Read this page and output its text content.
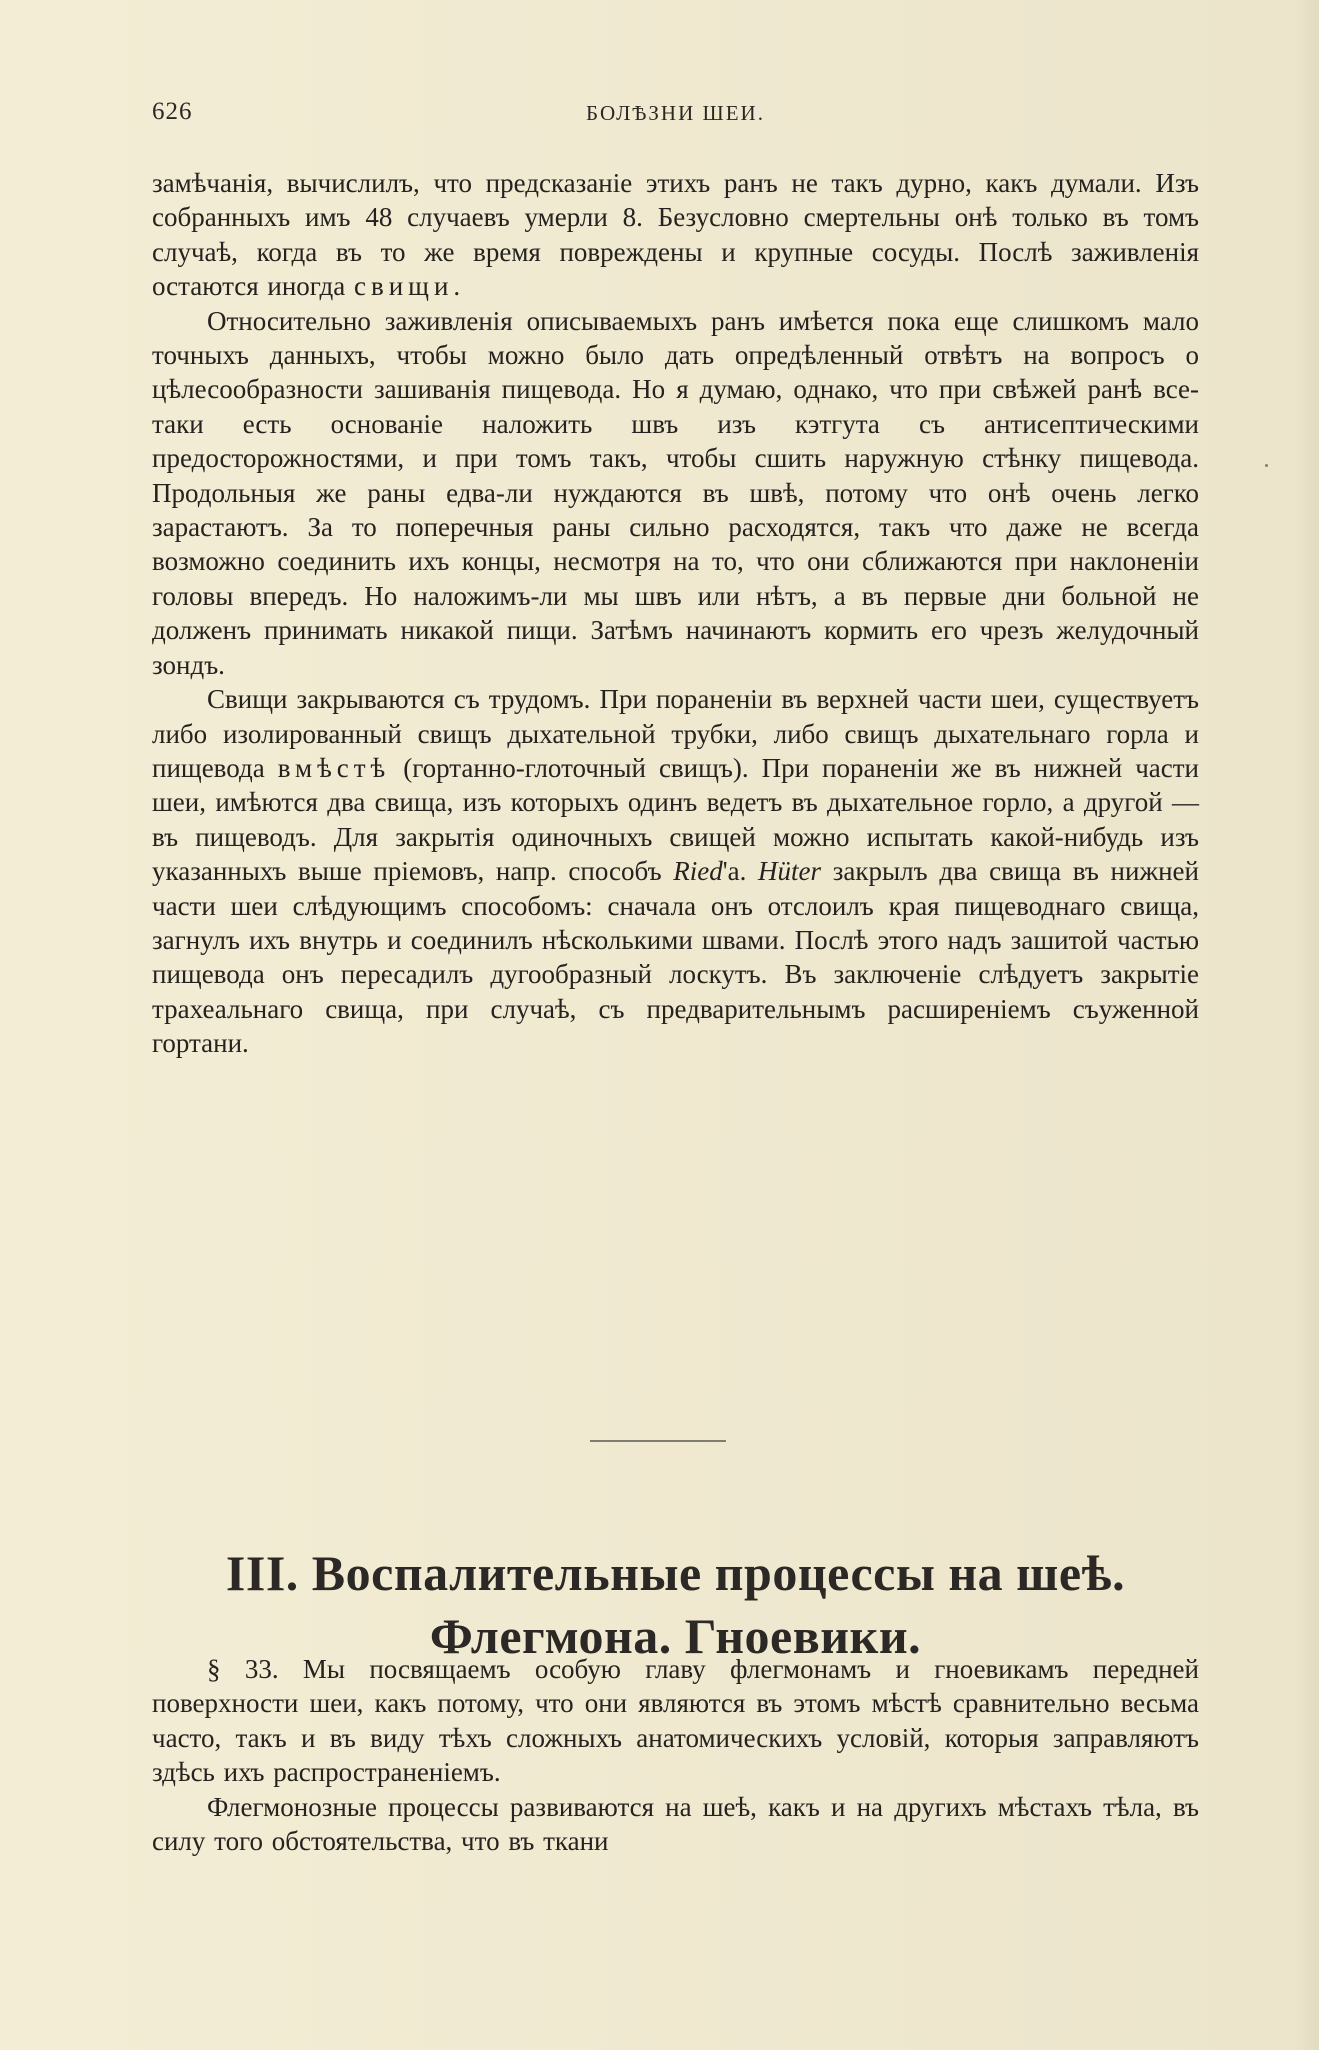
626	БОЛѢЗНИ ШЕИ.

замѣчанія, вычислилъ, что предсказаніе этихъ ранъ не такъ дурно, какъ думали. Изъ собранныхъ имъ 48 случаевъ умерли 8. Безусловно смертельны онѣ только въ томъ случаѣ, когда въ то же время повреждены и крупные сосуды. Послѣ заживленія остаются иногда свищи.

Относительно заживленія описываемыхъ ранъ имѣется пока еще слишкомъ мало точныхъ данныхъ, чтобы можно было дать опредѣленный отвѣтъ на вопросъ о цѣлесообразности зашиванія пищевода. Но я думаю, однако, что при свѣжей ранѣ все-таки есть основаніе наложить швъ изъ кэтгута съ антисептическими предосторожностями, и при томъ такъ, чтобы сшить наружную стѣнку пищевода. Продольныя же раны едва-ли нуждаются въ швѣ, потому что онѣ очень легко зарастаютъ. За то поперечныя раны сильно расходятся, такъ что даже не всегда возможно соединить ихъ концы, несмотря на то, что они сближаются при наклоненіи головы впередъ. Но наложимъ-ли мы швъ или нѣтъ, а въ первые дни больной не долженъ принимать никакой пищи. Затѣмъ начинаютъ кормить его чрезъ желудочный зондъ.

Свищи закрываются съ трудомъ. При пораненіи въ верхней части шеи, существуетъ либо изолированный свищъ дыхательной трубки, либо свищъ дыхательнаго горла и пищевода вмѣстѣ (гортанно-глоточный свищъ). При пораненіи же въ нижней части шеи, имѣются два свища, изъ которыхъ одинъ ведетъ въ дыхательное горло, а другой — въ пищеводъ. Для закрытія одиночныхъ свищей можно испытать какой-нибудь изъ указанныхъ выше пріемовъ, напр. способъ Ried'а. Hüter закрылъ два свища въ нижней части шеи слѣдующимъ способомъ: сначала онъ отслоилъ края пищеводнаго свища, загнулъ ихъ внутрь и соединилъ нѣсколькими швами. Послѣ этого надъ зашитой частью пищевода онъ пересадилъ дугообразный лоскутъ. Въ заключеніе слѣдуетъ закрытіе трахеальнаго свища, при случаѣ, съ предварительнымъ расширеніемъ съуженной гортани.

III. Воспалительные процессы на шеѣ.
Флегмона. Гноевики.

§ 33. Мы посвящаемъ особую главу флегмонамъ и гноевикамъ передней поверхности шеи, какъ потому, что они являются въ этомъ мѣстѣ сравнительно весьма часто, такъ и въ виду тѣхъ сложныхъ анатомическихъ условій, которыя заправляютъ здѣсь ихъ распространеніемъ.

Флегмонозные процессы развиваются на шеѣ, какъ и на другихъ мѣстахъ тѣла, въ силу того обстоятельства, что въ ткани
